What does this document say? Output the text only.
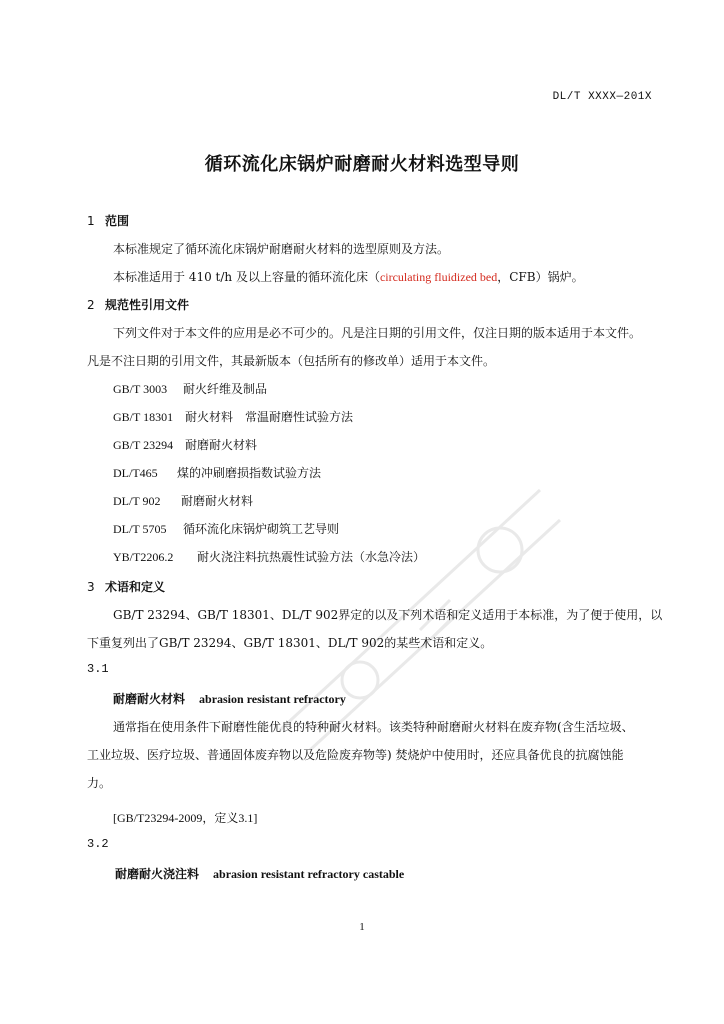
DL/T XXXX—201X
循环流化床锅炉耐磨耐火材料选型导则
1 范围
本标准规定了循环流化床锅炉耐磨耐火材料的选型原则及方法。
本标准适用于 410 t/h 及以上容量的循环流化床（circulating fluidized bed，CFB）锅炉。
2 规范性引用文件
下列文件对于本文件的应用是必不可少的。凡是注日期的引用文件，仅注日期的版本适用于本文件。
凡是不注日期的引用文件，其最新版本（包括所有的修改单）适用于本文件。
GB/T 3003 耐火纤维及制品
GB/T 18301 耐火材料　常温耐磨性试验方法
GB/T 23294 耐磨耐火材料
DL/T465 煤的冲刷磨损指数试验方法
DL/T 902 耐磨耐火材料
DL/T 5705 循环流化床锅炉砌筑工艺导则
YB/T2206.2 耐火浇注料抗热震性试验方法（水急冷法）
3 术语和定义
GB/T 23294、GB/T 18301、DL/T 902界定的以及下列术语和定义适用于本标准，为了便于使用，以
下重复列出了GB/T 23294、GB/T 18301、DL/T 902的某些术语和定义。
3.1
耐磨耐火材料 abrasion resistant refractory
通常指在使用条件下耐磨性能优良的特种耐火材料。该类特种耐磨耐火材料在废弃物(含生活垃圾、
工业垃圾、医疗垃圾、普通固体废弃物以及危险废弃物等) 焚烧炉中使用时，还应具备优良的抗腐蚀能
力。
[GB/T23294-2009，定义3.1]
3.2
耐磨耐火浇注料 abrasion resistant refractory castable
1
